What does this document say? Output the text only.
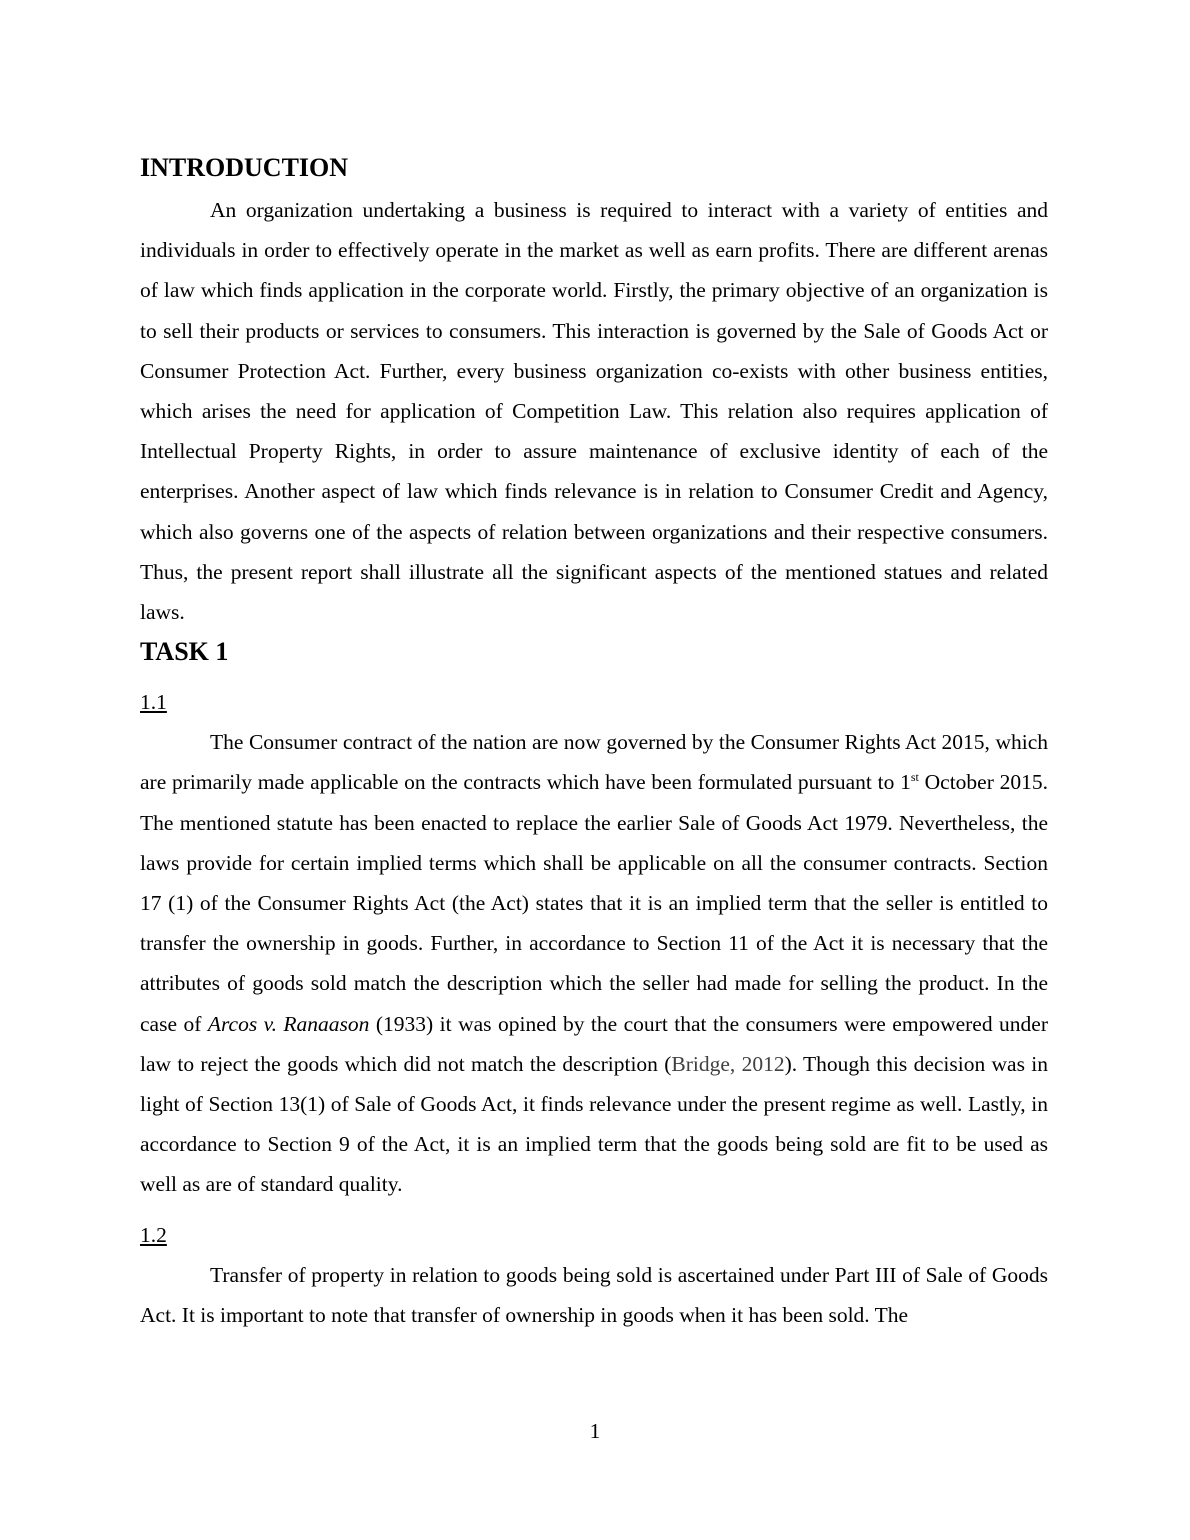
INTRODUCTION

An organization undertaking a business is required to interact with a variety of entities and individuals in order to effectively operate in the market as well as earn profits. There are different arenas of law which finds application in the corporate world. Firstly, the primary objective of an organization is to sell their products or services to consumers. This interaction is governed by the Sale of Goods Act or Consumer Protection Act. Further, every business organization co-exists with other business entities, which arises the need for application of Competition Law. This relation also requires application of Intellectual Property Rights, in order to assure maintenance of exclusive identity of each of the enterprises. Another aspect of law which finds relevance is in relation to Consumer Credit and Agency, which also governs one of the aspects of relation between organizations and their respective consumers. Thus, the present report shall illustrate all the significant aspects of the mentioned statues and related laws.

TASK 1

1.1

The Consumer contract of the nation are now governed by the Consumer Rights Act 2015, which are primarily made applicable on the contracts which have been formulated pursuant to 1st October 2015. The mentioned statute has been enacted to replace the earlier Sale of Goods Act 1979. Nevertheless, the laws provide for certain implied terms which shall be applicable on all the consumer contracts. Section 17 (1) of the Consumer Rights Act (the Act) states that it is an implied term that the seller is entitled to transfer the ownership in goods. Further, in accordance to Section 11 of the Act it is necessary that the attributes of goods sold match the description which the seller had made for selling the product. In the case of Arcos v. Ranaason (1933) it was opined by the court that the consumers were empowered under law to reject the goods which did not match the description (Bridge, 2012). Though this decision was in light of Section 13(1) of Sale of Goods Act, it finds relevance under the present regime as well. Lastly, in accordance to Section 9 of the Act, it is an implied term that the goods being sold are fit to be used as well as are of standard quality.

1.2

Transfer of property in relation to goods being sold is ascertained under Part III of Sale of Goods Act. It is important to note that transfer of ownership in goods when it has been sold. The

1
